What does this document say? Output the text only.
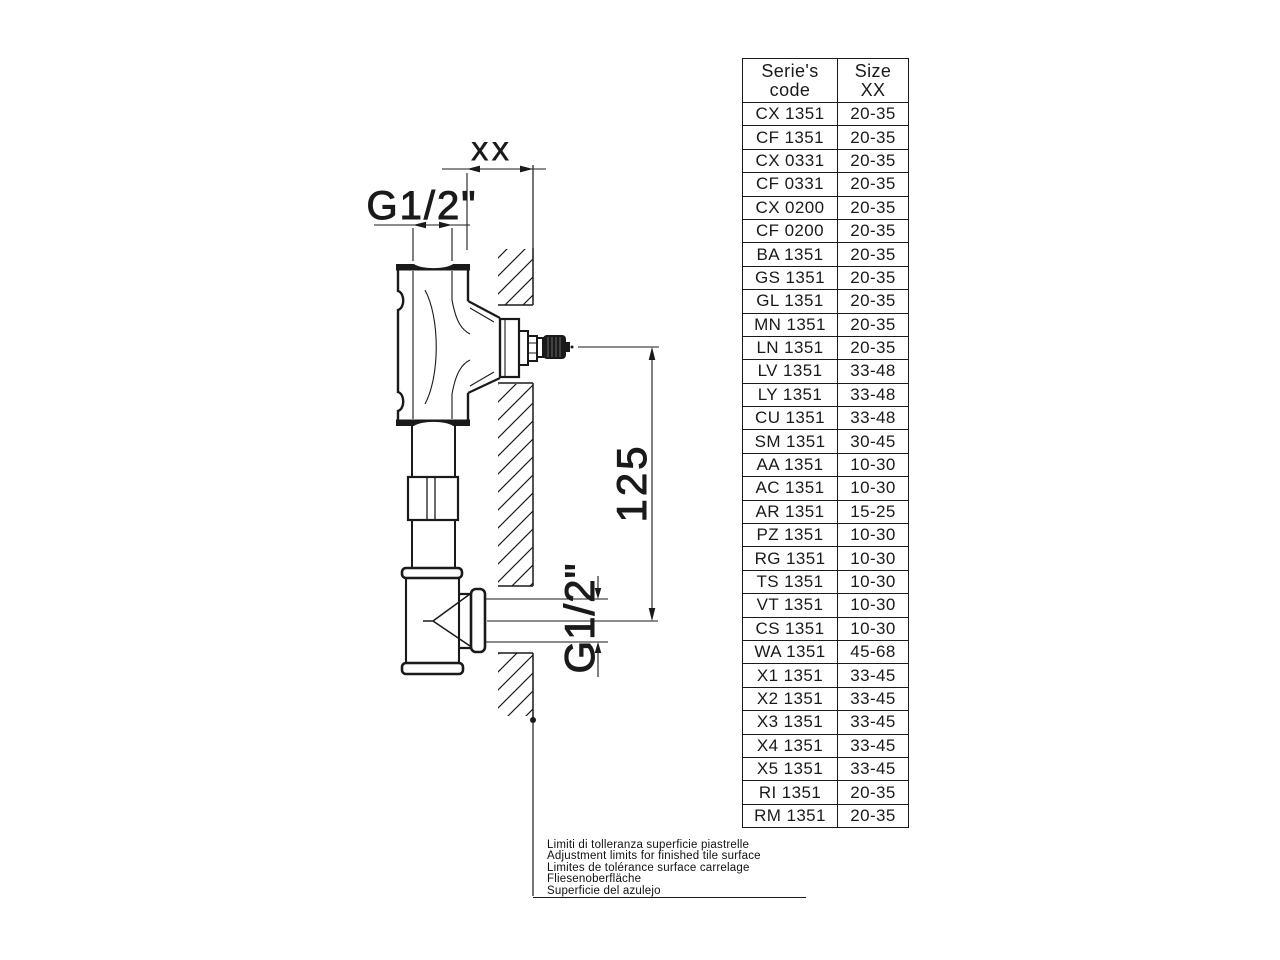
XX
G1/2"
125
G1/2"
Serie's
code	Size
XX
CX 1351	20-35
CF 1351	20-35
CX 0331	20-35
CF 0331	20-35
CX 0200	20-35
CF 0200	20-35
BA 1351	20-35
GS 1351	20-35
GL 1351	20-35
MN 1351	20-35
LN 1351	20-35
LV 1351	33-48
LY 1351	33-48
CU 1351	33-48
SM 1351	30-45
AA 1351	10-30
AC 1351	10-30
AR 1351	15-25
PZ 1351	10-30
RG 1351	10-30
TS 1351	10-30
VT 1351	10-30
CS 1351	10-30
WA 1351	45-68
X1 1351	33-45
X2 1351	33-45
X3 1351	33-45
X4 1351	33-45
X5 1351	33-45
RI 1351	20-35
RM 1351	20-35
Limiti di tolleranza superficie piastrelle
Adjustment limits for finished tile surface
Limites de tolérance surface carrelage
Fliesenoberfläche
Superficie del azulejo
